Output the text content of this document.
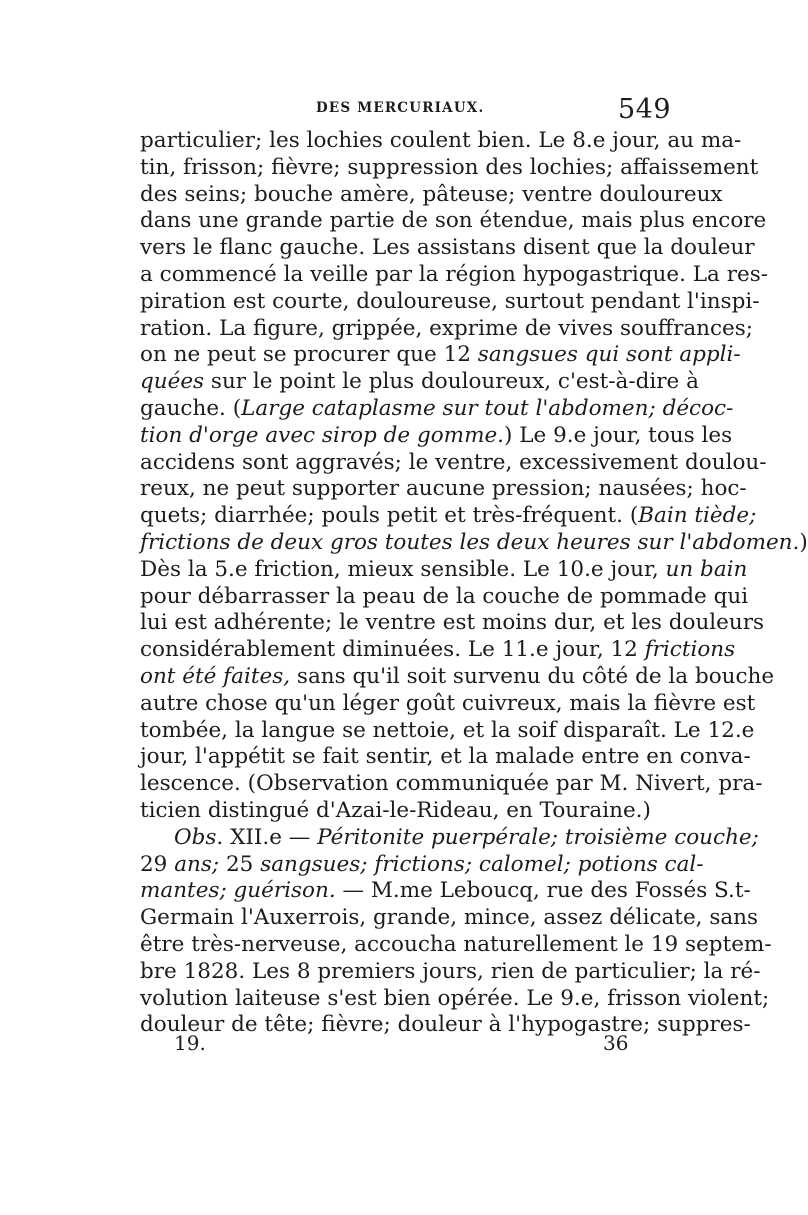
DES MERCURIAUX.	549
particulier; les lochies coulent bien. Le 8.e jour, au ma-
tin, frisson; fièvre; suppression des lochies; affaissement
des seins; bouche amère, pâteuse; ventre douloureux
dans une grande partie de son étendue, mais plus encore
vers le flanc gauche. Les assistans disent que la douleur
a commencé la veille par la région hypogastrique. La res-
piration est courte, douloureuse, surtout pendant l'inspi-
ration. La figure, grippée, exprime de vives souffrances;
on ne peut se procurer que 12 sangsues qui sont appli-
quées sur le point le plus douloureux, c'est-à-dire à
gauche. (Large cataplasme sur tout l'abdomen; décoc-
tion d'orge avec sirop de gomme.) Le 9.e jour, tous les
accidens sont aggravés; le ventre, excessivement doulou-
reux, ne peut supporter aucune pression; nausées; hoc-
quets; diarrhée; pouls petit et très-fréquent. (Bain tiède;
frictions de deux gros toutes les deux heures sur l'abdomen.)
Dès la 5.e friction, mieux sensible. Le 10.e jour, un bain
pour débarrasser la peau de la couche de pommade qui
lui est adhérente; le ventre est moins dur, et les douleurs
considérablement diminuées. Le 11.e jour, 12 frictions
ont été faites, sans qu'il soit survenu du côté de la bouche
autre chose qu'un léger goût cuivreux, mais la fièvre est
tombée, la langue se nettoie, et la soif disparaît. Le 12.e
jour, l'appétit se fait sentir, et la malade entre en conva-
lescence. (Observation communiquée par M. Nivert, pra-
ticien distingué d'Azai-le-Rideau, en Touraine.)
Obs. XII.e — Péritonite puerpérale; troisième couche;
29 ans; 25 sangsues; frictions; calomel; potions cal-
mantes; guérison. — M.me Leboucq, rue des Fossés S.t-
Germain l'Auxerrois, grande, mince, assez délicate, sans
être très-nerveuse, accoucha naturellement le 19 septem-
bre 1828. Les 8 premiers jours, rien de particulier; la ré-
volution laiteuse s'est bien opérée. Le 9.e, frisson violent;
douleur de tête; fièvre; douleur à l'hypogastre; suppres-
19.	36
